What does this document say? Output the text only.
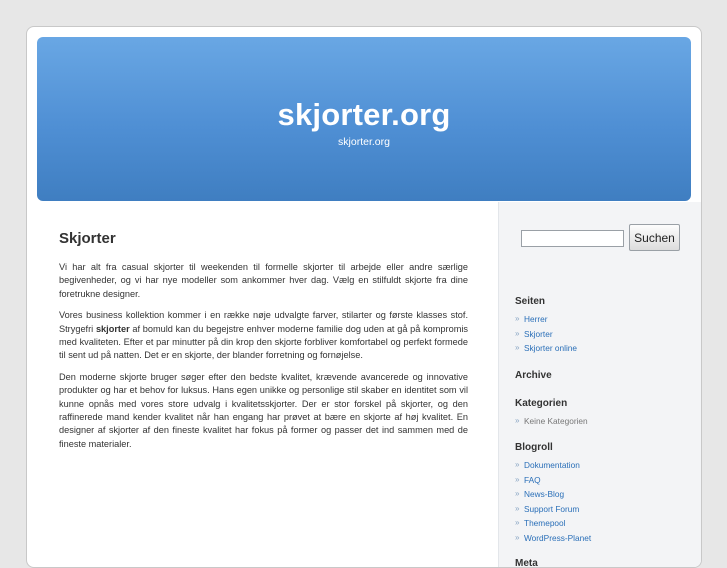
skjorter.org
skjorter.org
Skjorter

Vi har alt fra casual skjorter til weekenden til formelle skjorter til arbejde eller andre særlige begivenheder, og vi har nye modeller som ankommer hver dag. Vælg en stilfuldt skjorte fra dine foretrukne designer.

Vores business kollektion kommer i en række nøje udvalgte farver, stilarter og første klasses stof. Strygefri skjorter af bomuld kan du begejstre enhver moderne familie dog uden at gå på kompromis med kvaliteten. Efter et par minutter på din krop den skjorte forbliver komfortabel og perfekt formede til sent ud på natten. Det er en skjorte, der blander forretning og fornøjelse.

Den moderne skjorte bruger søger efter den bedste kvalitet, krævende avancerede og innovative produkter og har et behov for luksus. Hans egen unikke og personlige stil skaber en identitet som vil kunne opnås med vores store udvalg i kvalitetsskjorter. Der er stor forskel på skjorter, og den raffinerede mand kender kvalitet når han engang har prøvet at bære en skjorte af høj kvalitet. En designer af skjorter af den fineste kvalitet har fokus på former og passer det ind sammen med de fineste materialer.

Suchen
Seiten
» Herrer
» Skjorter
» Skjorter online
Archive
Kategorien
» Keine Kategorien
Blogroll
» Dokumentation
» FAQ
» News-Blog
» Support Forum
» Themepool
» WordPress-Planet
Meta
